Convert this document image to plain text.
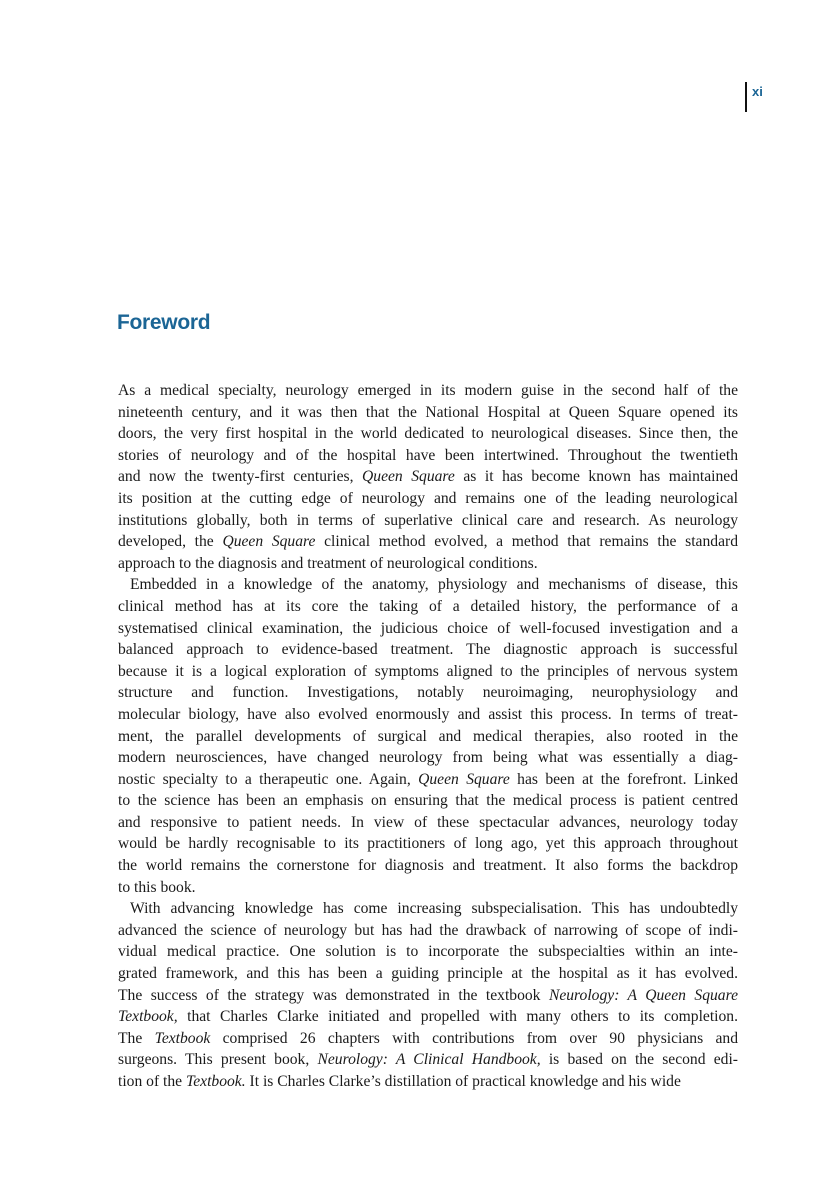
xi
Foreword
As a medical specialty, neurology emerged in its modern guise in the second half of the
nineteenth century, and it was then that the National Hospital at Queen Square opened its
doors, the very first hospital in the world dedicated to neurological diseases. Since then, the
stories of neurology and of the hospital have been intertwined. Throughout the twentieth
and now the twenty-first centuries, Queen Square as it has become known has maintained
its position at the cutting edge of neurology and remains one of the leading neurological
institutions globally, both in terms of superlative clinical care and research. As neurology
developed, the Queen Square clinical method evolved, a method that remains the standard
approach to the diagnosis and treatment of neurological conditions.
Embedded in a knowledge of the anatomy, physiology and mechanisms of disease, this
clinical method has at its core the taking of a detailed history, the performance of a
systematised clinical examination, the judicious choice of well-focused investigation and a
balanced approach to evidence-based treatment. The diagnostic approach is successful
because it is a logical exploration of symptoms aligned to the principles of nervous system
structure and function. Investigations, notably neuroimaging, neurophysiology and
molecular biology, have also evolved enormously and assist this process. In terms of treat-
ment, the parallel developments of surgical and medical therapies, also rooted in the
modern neurosciences, have changed neurology from being what was essentially a diag-
nostic specialty to a therapeutic one. Again, Queen Square has been at the forefront. Linked
to the science has been an emphasis on ensuring that the medical process is patient centred
and responsive to patient needs. In view of these spectacular advances, neurology today
would be hardly recognisable to its practitioners of long ago, yet this approach throughout
the world remains the cornerstone for diagnosis and treatment. It also forms the backdrop
to this book.
With advancing knowledge has come increasing subspecialisation. This has undoubtedly
advanced the science of neurology but has had the drawback of narrowing of scope of indi-
vidual medical practice. One solution is to incorporate the subspecialties within an inte-
grated framework, and this has been a guiding principle at the hospital as it has evolved.
The success of the strategy was demonstrated in the textbook Neurology: A Queen Square
Textbook, that Charles Clarke initiated and propelled with many others to its completion.
The Textbook comprised 26 chapters with contributions from over 90 physicians and
surgeons. This present book, Neurology: A Clinical Handbook, is based on the second edi-
tion of the Textbook. It is Charles Clarke’s distillation of practical knowledge and his wide
